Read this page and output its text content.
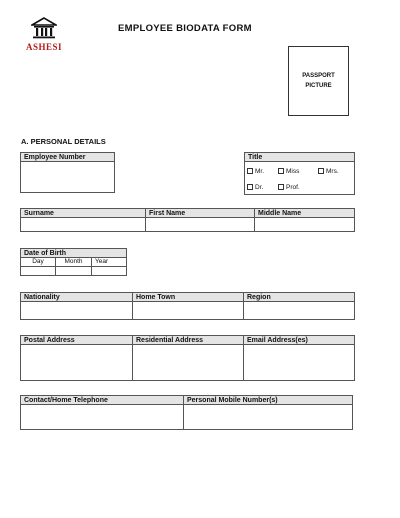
ASHESI
EMPLOYEE BIODATA FORM
PASSPORT
PICTURE
A. PERSONAL DETAILS
Employee Number	Title
Mr.	Miss	Mrs.
Dr.	Prof.
Surname	First Name	Middle Name
Date of Birth
Day	Month	Year
Nationality	Home Town	Region
Postal Address	Residential Address	Email Address(es)
Contact/Home Telephone	Personal Mobile Number(s)
